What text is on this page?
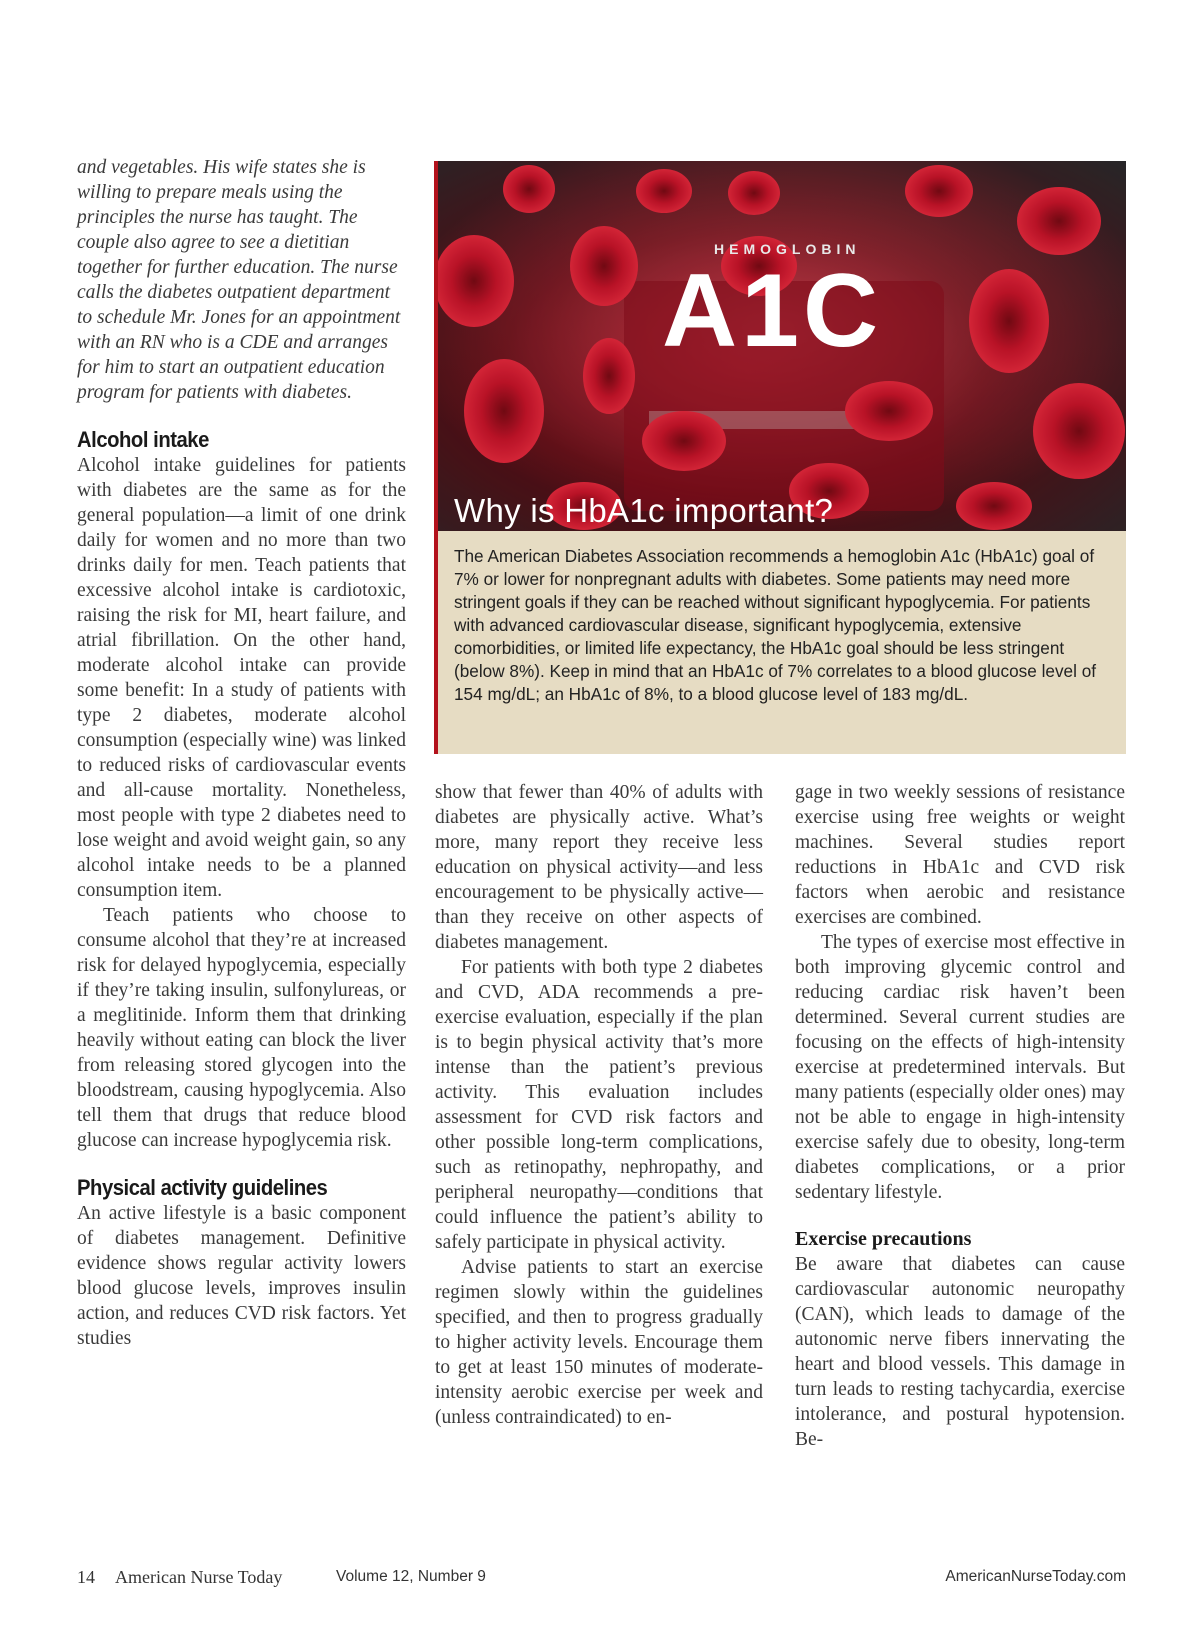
and vegetables. His wife states she is willing to prepare meals using the principles the nurse has taught. The couple also agree to see a dietitian together for further education. The nurse calls the diabetes outpatient department to schedule Mr. Jones for an appointment with an RN who is a CDE and arranges for him to start an outpatient education program for patients with diabetes.

Alcohol intake

Alcohol intake guidelines for patients with diabetes are the same as for the general population—a limit of one drink daily for women and no more than two drinks daily for men. Teach patients that excessive alcohol intake is cardiotoxic, raising the risk for MI, heart failure, and atrial fibrillation. On the other hand, moderate alcohol intake can provide some benefit: In a study of patients with type 2 diabetes, moderate alcohol consumption (especially wine) was linked to reduced risks of cardiovascular events and all-cause mortality. Nonetheless, most people with type 2 diabetes need to lose weight and avoid weight gain, so any alcohol intake needs to be a planned consumption item.

Teach patients who choose to consume alcohol that they’re at increased risk for delayed hypoglycemia, especially if they’re taking insulin, sulfonylureas, or a meglitinide. Inform them that drinking heavily without eating can block the liver from releasing stored glycogen into the bloodstream, causing hypoglycemia. Also tell them that drugs that reduce blood glucose can increase hypoglycemia risk.

Physical activity guidelines

An active lifestyle is a basic component of diabetes management. Definitive evidence shows regular activity lowers blood glucose levels, improves insulin action, and reduces CVD risk factors. Yet studies

HEMOGLOBIN
A1C
Why is HbA1c important?

The American Diabetes Association recommends a hemoglobin A1c (HbA1c) goal of 7% or lower for nonpregnant adults with diabetes. Some patients may need more stringent goals if they can be reached without significant hypoglycemia. For patients with advanced cardiovascular disease, significant hypoglycemia, extensive comorbidities, or limited life expectancy, the HbA1c goal should be less stringent (below 8%). Keep in mind that an HbA1c of 7% correlates to a blood glucose level of 154 mg/dL; an HbA1c of 8%, to a blood glucose level of 183 mg/dL.

show that fewer than 40% of adults with diabetes are physically active. What’s more, many report they receive less education on physical activity—and less encouragement to be physically active—than they receive on other aspects of diabetes management.

For patients with both type 2 diabetes and CVD, ADA recommends a pre-exercise evaluation, especially if the plan is to begin physical activity that’s more intense than the patient’s previous activity. This evaluation includes assessment for CVD risk factors and other possible long-term complications, such as retinopathy, nephropathy, and peripheral neuropathy—conditions that could influence the patient’s ability to safely participate in physical activity.

Advise patients to start an exercise regimen slowly within the guidelines specified, and then to progress gradually to higher activity levels. Encourage them to get at least 150 minutes of moderate-intensity aerobic exercise per week and (unless contraindicated) to en-

gage in two weekly sessions of resistance exercise using free weights or weight machines. Several studies report reductions in HbA1c and CVD risk factors when aerobic and resistance exercises are combined.

The types of exercise most effective in both improving glycemic control and reducing cardiac risk haven’t been determined. Several current studies are focusing on the effects of high-intensity exercise at predetermined intervals. But many patients (especially older ones) may not be able to engage in high-intensity exercise safely due to obesity, long-term diabetes complications, or a prior sedentary lifestyle.

Exercise precautions

Be aware that diabetes can cause cardiovascular autonomic neuropathy (CAN), which leads to damage of the autonomic nerve fibers innervating the heart and blood vessels. This damage in turn leads to resting tachycardia, exercise intolerance, and postural hypotension. Be-

14 American Nurse Today	Volume 12, Number 9	AmericanNurseToday.com
